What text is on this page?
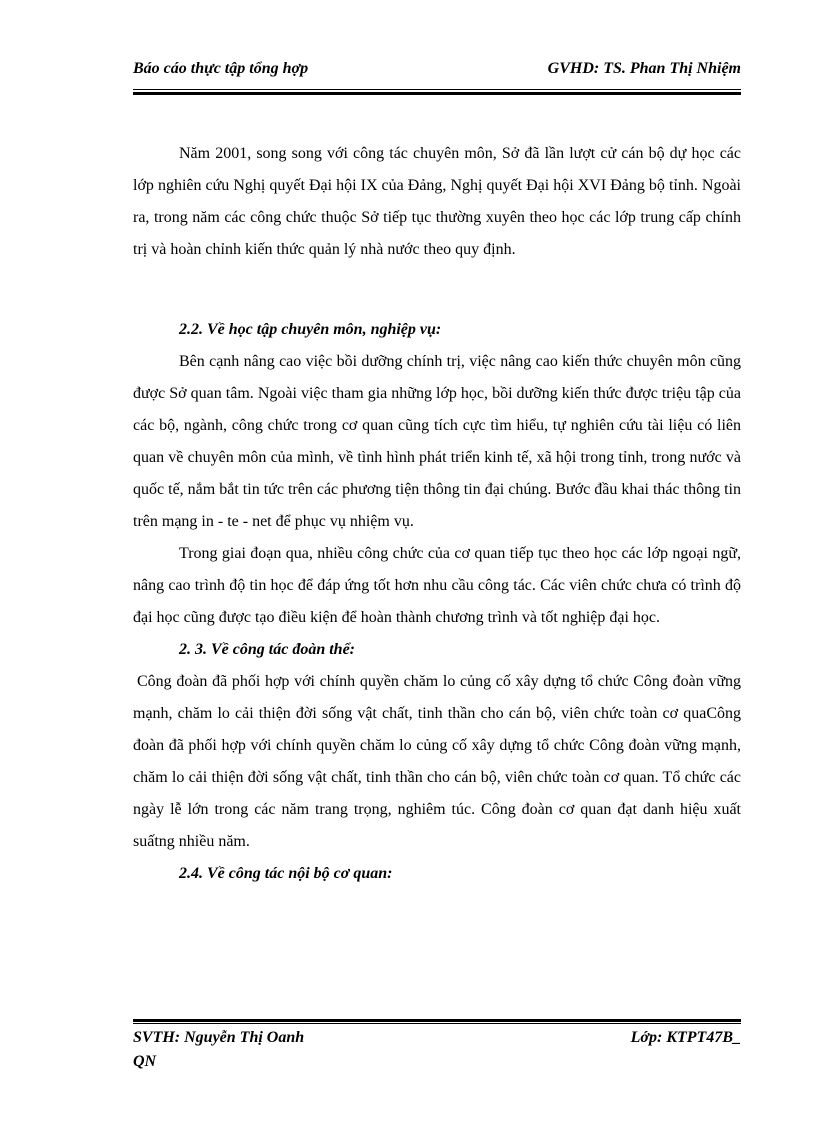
Báo cáo thực tập tổng hợp	GVHD: TS. Phan Thị Nhiệm

Năm 2001, song song với công tác chuyên môn, Sở đã lần lượt cử cán bộ dự học các lớp nghiên cứu Nghị quyết Đại hội IX của Đảng, Nghị quyết Đại hội XVI Đảng bộ tỉnh. Ngoài ra, trong năm các công chức thuộc Sở tiếp tục thường xuyên theo học các lớp trung cấp chính trị và hoàn chỉnh kiến thức quản lý nhà nước theo quy định.

2.2. Về học tập chuyên môn, nghiệp vụ:

Bên cạnh nâng cao việc bồi dưỡng chính trị, việc nâng cao kiến thức chuyên môn cũng được Sở quan tâm. Ngoài việc tham gia những lớp học, bồi dưỡng kiến thức được triệu tập của các bộ, ngành, công chức trong cơ quan cũng tích cực tìm hiểu, tự nghiên cứu tài liệu có liên quan về chuyên môn của mình, về tình hình phát triển kinh tế, xã hội trong tỉnh, trong nước và quốc tế, nắm bắt tin tức trên các phương tiện thông tin đại chúng. Bước đầu khai thác thông tin trên mạng in - te - net để phục vụ nhiệm vụ.

Trong giai đoạn qua, nhiều công chức của cơ quan tiếp tục theo học các lớp ngoại ngữ, nâng cao trình độ tin học để đáp ứng tốt hơn nhu cầu công tác. Các viên chức chưa có trình độ đại học cũng được tạo điều kiện để hoàn thành chương trình và tốt nghiệp đại học.

2. 3. Về công tác đoàn thể:

Công đoàn đã phối hợp với chính quyền chăm lo củng cố xây dựng tổ chức Công đoàn vững mạnh, chăm lo cải thiện đời sống vật chất, tinh thần cho cán bộ, viên chức toàn cơ quaCông đoàn đã phối hợp với chính quyền chăm lo củng cố xây dựng tổ chức Công đoàn vững mạnh, chăm lo cải thiện đời sống vật chất, tinh thần cho cán bộ, viên chức toàn cơ quan. Tổ chức các ngày lễ lớn trong các năm trang trọng, nghiêm túc. Công đoàn cơ quan đạt danh hiệu xuất suấtng nhiều năm.

2.4. Về công tác nội bộ cơ quan:
SVTH: Nguyễn Thị Oanh
QN
Lớp: KTPT47B_
